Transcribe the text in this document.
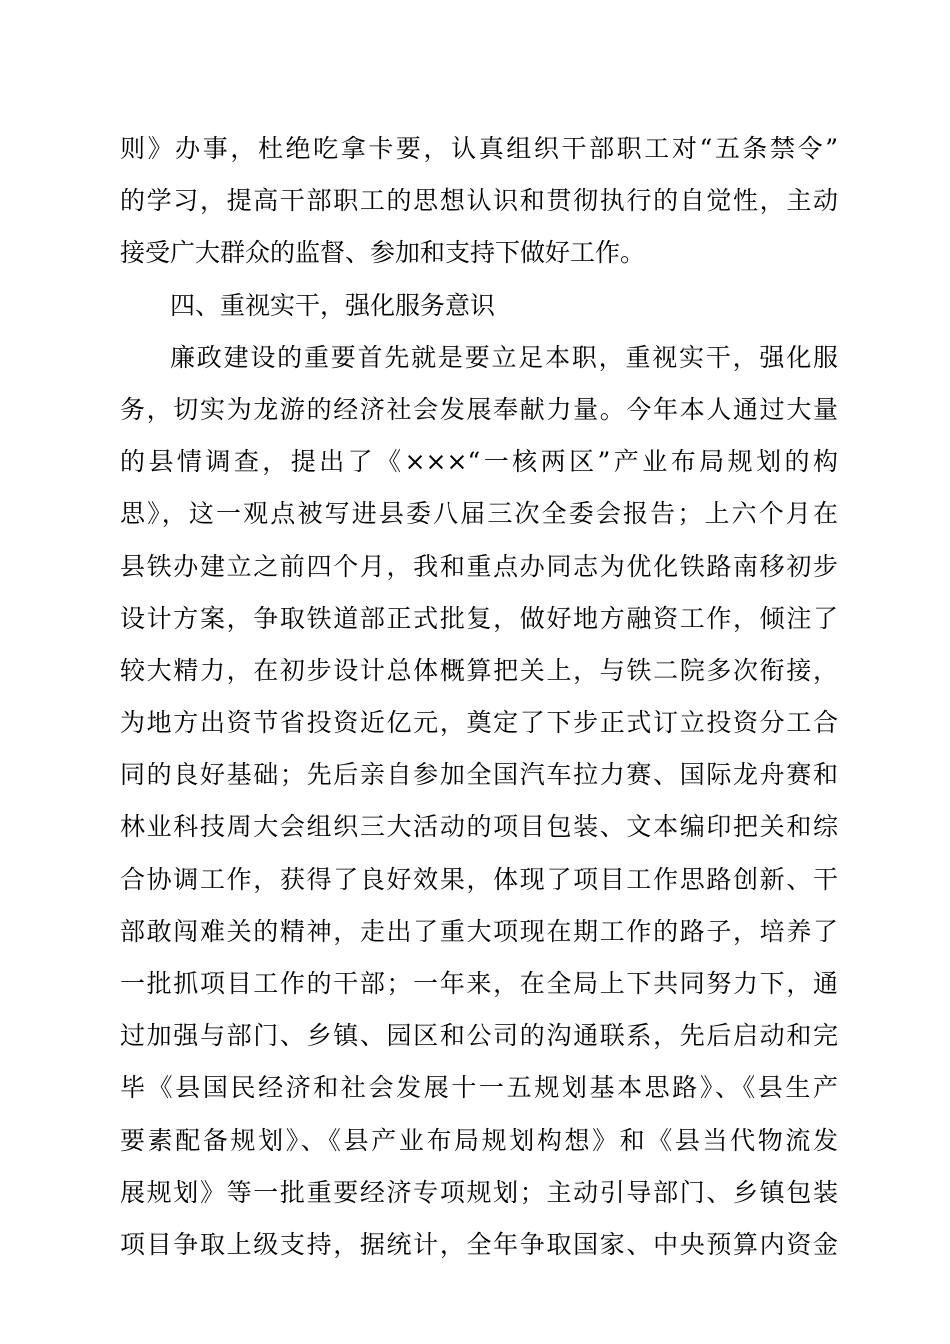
则》办事，杜绝吃拿卡要，认真组织干部职工对“五条禁令”
的学习，提高干部职工的思想认识和贯彻执行的自觉性，主动
接受广大群众的监督、参加和支持下做好工作。
四、重视实干，强化服务意识
廉政建设的重要首先就是要立足本职，重视实干，强化服
务，切实为龙游的经济社会发展奉献力量。今年本人通过大量
的县情调查，提出了《×××“一核两区”产业布局规划的构
思》，这一观点被写进县委八届三次全委会报告；上六个月在
县铁办建立之前四个月，我和重点办同志为优化铁路南移初步
设计方案，争取铁道部正式批复，做好地方融资工作，倾注了
较大精力，在初步设计总体概算把关上，与铁二院多次衔接，
为地方出资节省投资近亿元，奠定了下步正式订立投资分工合
同的良好基础；先后亲自参加全国汽车拉力赛、国际龙舟赛和
林业科技周大会组织三大活动的项目包装、文本编印把关和综
合协调工作，获得了良好效果，体现了项目工作思路创新、干
部敢闯难关的精神，走出了重大项现在期工作的路子，培养了
一批抓项目工作的干部；一年来，在全局上下共同努力下，通
过加强与部门、乡镇、园区和公司的沟通联系，先后启动和完
毕《县国民经济和社会发展十一五规划基本思路》、《县生产
要素配备规划》、《县产业布局规划构想》和《县当代物流发
展规划》等一批重要经济专项规划；主动引导部门、乡镇包装
项目争取上级支持，据统计，全年争取国家、中央预算内资金
